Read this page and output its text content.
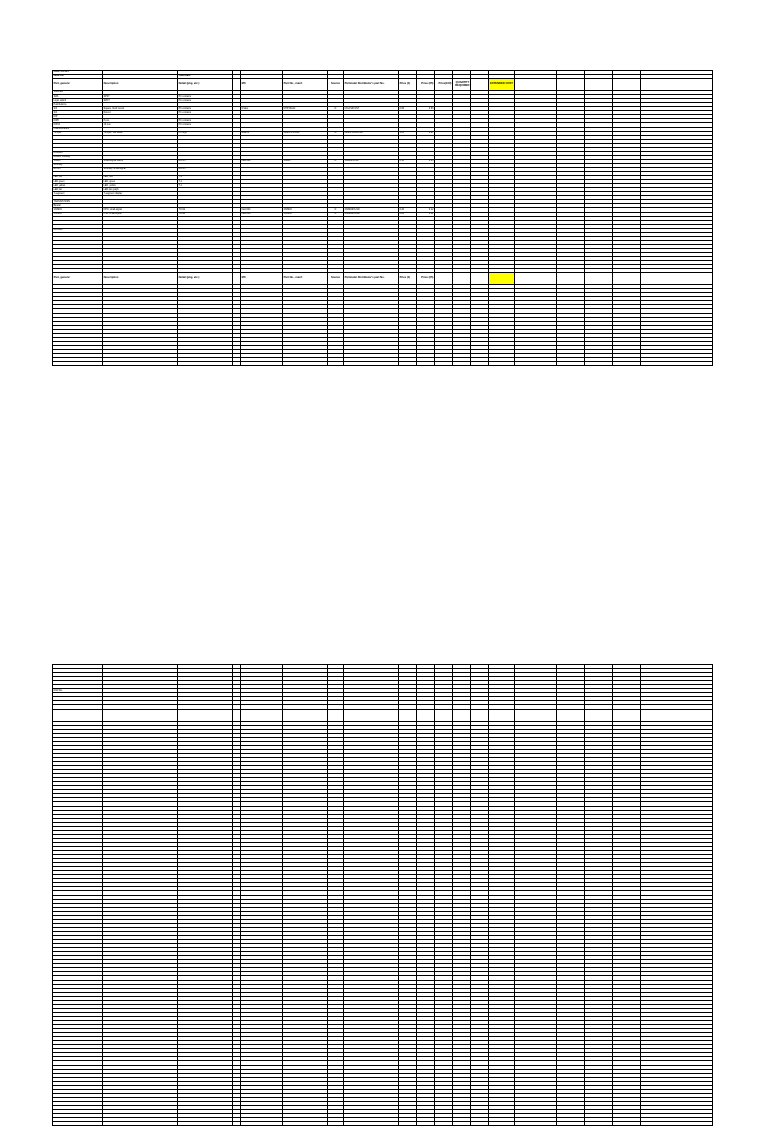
PARTS LIST																		
DIGITAL		USD/SEK																
Part, generic	Description	Detail (pkg, etc.)		Mfr	Part No., manf.	Source	Particular Distributor's part No.	Price (1)	Price (25)	Price(100)	QUANTITY REQUIRED		EXTENDED COST					
Switches																		
SW1	SPST	PC contacts																
Logic switch	SPDT	PC contacts																
Pushbuttons																		
S/3	Square, flush mount	PC contacts		Knitter	MTP1SA12	D	CKL1S3C1NT	0.96	0.53									
S/4	Round	PC contacts																
DIP																		
DIP8	8 pos	PC contacts																
DIP10	10 pos	PC contacts																
Potentiometers																		
Trimpot	Trimpot, 10k linear	PC lugs		Bourns	3362P-1-103LF	D	3362P-103LF-ND	1.23	0.67									

DIODES																		
Diodes, ordinary																		
1N914	Small-signal silicon	DO-35		Fairchild	1N914	D	1N914FS-ND	0.10	0.05									
Schottky																		
BAT43	Schottky, small-signal	DO-35																

LED red	LED, red	T-1																
LED green	LED, green	T-1																
LED yellow	LED, yellow	T-1																
LED bar	LED bar graph																	
7-segment	7-segment display																	

TRANSISTORS																		
Bipolar																		
2N3904	NPN, small-signal	TO-92		Fairchild	2N3904	D	2N3904FS-ND	0.20	0.12									
2N3906	PNP, small-signal	TO-92		Fairchild	2N3906	D	2N3906FS-ND	0.20	0.12									

MOSFET																		

Part, generic	Description	Detail (pkg, etc.)		Mfr	Part No., manf.	Source	Particular Distributor's part No.	Price (1)	Price (25)									

DIGITAL																		
